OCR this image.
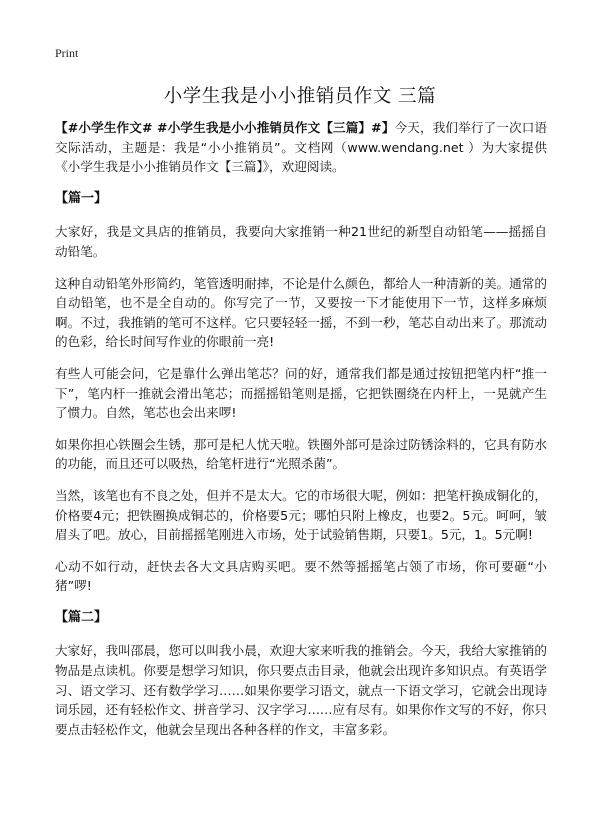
Print
小学生我是小小推销员作文 三篇

【#小学生作文# #小学生我是小小推销员作文【三篇】#】今天，我们举行了一次口语交际活动，主题是：我是“小小推销员”。文档网（www.wendang.net ）为大家提供《小学生我是小小推销员作文【三篇】》，欢迎阅读。

【篇一】

大家好，我是文具店的推销员，我要向大家推销一种21世纪的新型自动铅笔——摇摇自动铅笔。

这种自动铅笔外形简约，笔管透明耐摔，不论是什么颜色，都给人一种清新的美。通常的自动铅笔，也不是全自动的。你写完了一节，又要按一下才能使用下一节，这样多麻烦啊。不过，我推销的笔可不这样。它只要轻轻一摇，不到一秒，笔芯自动出来了。那流动的色彩，给长时间写作业的你眼前一亮!

有些人可能会问，它是靠什么弹出笔芯？问的好，通常我们都是通过按钮把笔内杆“推一下”，笔内杆一推就会滑出笔芯；而摇摇铅笔则是摇，它把铁圈绕在内杆上，一晃就产生了惯力。自然，笔芯也会出来啰!

如果你担心铁圈会生锈，那可是杞人忧天啦。铁圈外部可是涂过防锈涂料的，它具有防水的功能，而且还可以吸热，给笔杆进行“光照杀菌”。

当然，该笔也有不良之处，但并不是太大。它的市场很大呢，例如：把笔杆换成铜化的，价格要4元；把铁圈换成铜芯的，价格要5元；哪怕只附上橡皮，也要2。5元。呵呵，皱眉头了吧。放心，目前摇摇笔刚进入市场，处于试验销售期，只要1。5元，1。5元啊!

心动不如行动，赶快去各大文具店购买吧。要不然等摇摇笔占领了市场，你可要砸“小猪”啰!

【篇二】

大家好，我叫邵晨，您可以叫我小晨，欢迎大家来听我的推销会。今天，我给大家推销的物品是点读机。你要是想学习知识，你只要点击目录，他就会出现许多知识点。有英语学习、语文学习、还有数学学习……如果你要学习语文，就点一下语文学习，它就会出现诗词乐园，还有轻松作文、拼音学习、汉字学习……应有尽有。如果你作文写的不好，你只要点击轻松作文，他就会呈现出各种各样的作文，丰富多彩。
